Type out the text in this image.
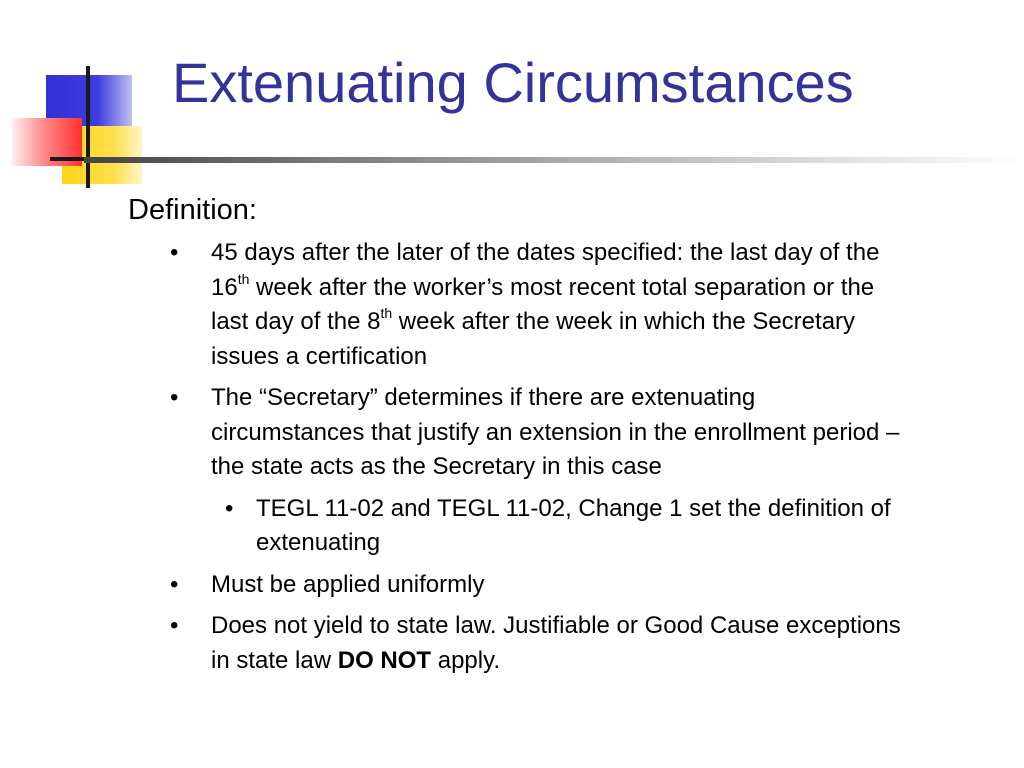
Extenuating Circumstances
Definition:
• 45 days after the later of the dates specified: the last day of the 16th week after the worker’s most recent total separation or the last day of the 8th week after the week in which the Secretary issues a certification
• The “Secretary” determines if there are extenuating circumstances that justify an extension in the enrollment period – the state acts as the Secretary in this case
• TEGL 11-02 and TEGL 11-02, Change 1 set the definition of extenuating
• Must be applied uniformly
• Does not yield to state law. Justifiable or Good Cause exceptions in state law DO NOT apply.
